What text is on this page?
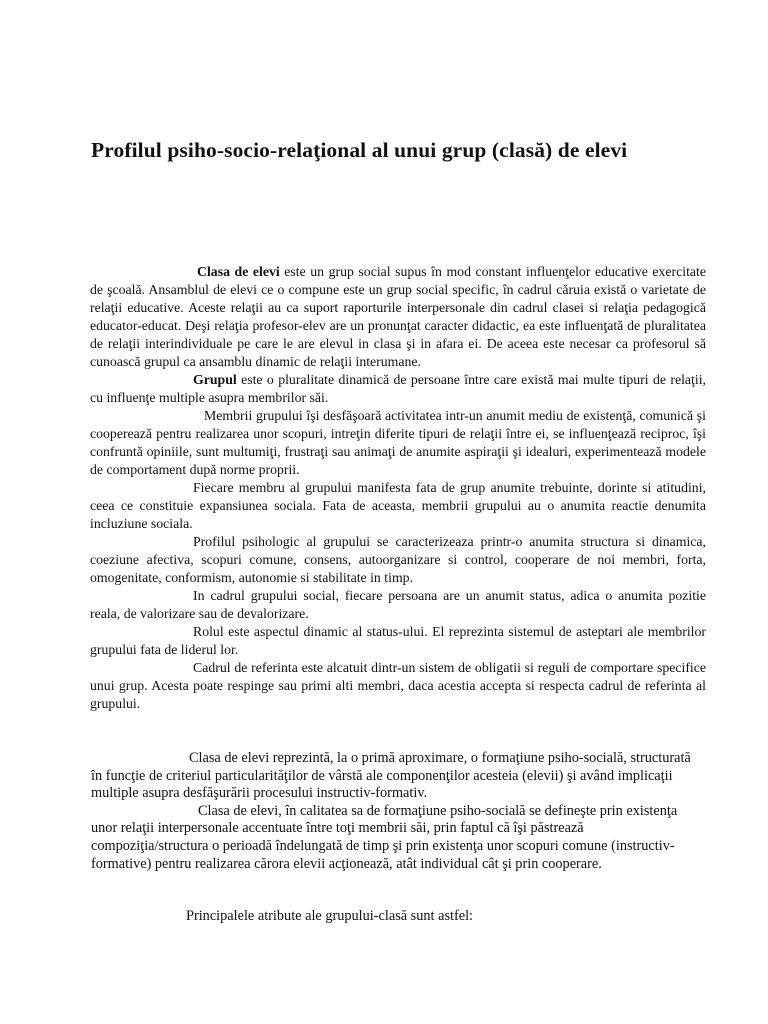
Profilul psiho-socio-relaţional al unui grup (clasă) de elevi

Clasa de elevi este un grup social supus în mod constant influenţelor educative exercitate de şcoală. Ansamblul de elevi ce o compune este un grup social specific, în cadrul căruia există o varietate de relaţii educative. Aceste relaţii au ca suport raporturile interpersonale din cadrul clasei si relaţia pedagogică educator-educat. Deşi relaţia profesor-elev are un pronunţat caracter didactic, ea este influenţată de pluralitatea de relaţii interindividuale pe care le are elevul in clasa şi in afara ei. De aceea este necesar ca profesorul să cunoască grupul ca ansamblu dinamic de relaţii interumane.

Grupul este o pluralitate dinamică de persoane între care există mai multe tipuri de relaţii, cu influenţe multiple asupra membrilor săi.

Membrii grupului îşi desfăşoară activitatea intr-un anumit mediu de existenţă, comunică şi cooperează pentru realizarea unor scopuri, intreţin diferite tipuri de relaţii între ei, se influenţează reciproc, îşi confruntă opiniile, sunt multumiţi, frustraţi sau animaţi de anumite aspiraţii şi idealuri, experimentează modele de comportament după norme proprii.

Fiecare membru al grupului manifesta fata de grup anumite trebuinte, dorinte si atitudini, ceea ce constituie expansiunea sociala. Fata de aceasta, membrii grupului au o anumita reactie denumita incluziune sociala.

Profilul psihologic al grupului se caracterizeaza printr-o anumita structura si dinamica, coeziune afectiva, scopuri comune, consens, autoorganizare si control, cooperare de noi membri, forta, omogenitate, conformism, autonomie si stabilitate in timp.

In cadrul grupului social, fiecare persoana are un anumit status, adica o anumita pozitie reala, de valorizare sau de devalorizare.

Rolul este aspectul dinamic al status-ului. El reprezinta sistemul de asteptari ale membrilor grupului fata de liderul lor.

Cadrul de referinta este alcatuit dintr-un sistem de obligatii si reguli de comportare specifice unui grup. Acesta poate respinge sau primi alti membri, daca acestia accepta si respecta cadrul de referinta al grupului.

Clasa de elevi reprezintă, la o primă aproximare, o formaţiune psiho-socială, structurată în funcţie de criteriul particularităţilor de vârstă ale componenţilor acesteia (elevii) şi având implicaţii multiple asupra desfăşurării procesului instructiv-formativ.

Clasa de elevi, în calitatea sa de formaţiune psiho-socială se defineşte prin existenţa unor relaţii interpersonale accentuate între toţi membrii săi, prin faptul că îşi păstrează compoziţia/structura o perioadă îndelungată de timp şi prin existenţa unor scopuri comune (instructiv-formative) pentru realizarea cărora elevii acţionează, atât individual cât şi prin cooperare.

Principalele atribute ale grupului-clasă sunt astfel:
